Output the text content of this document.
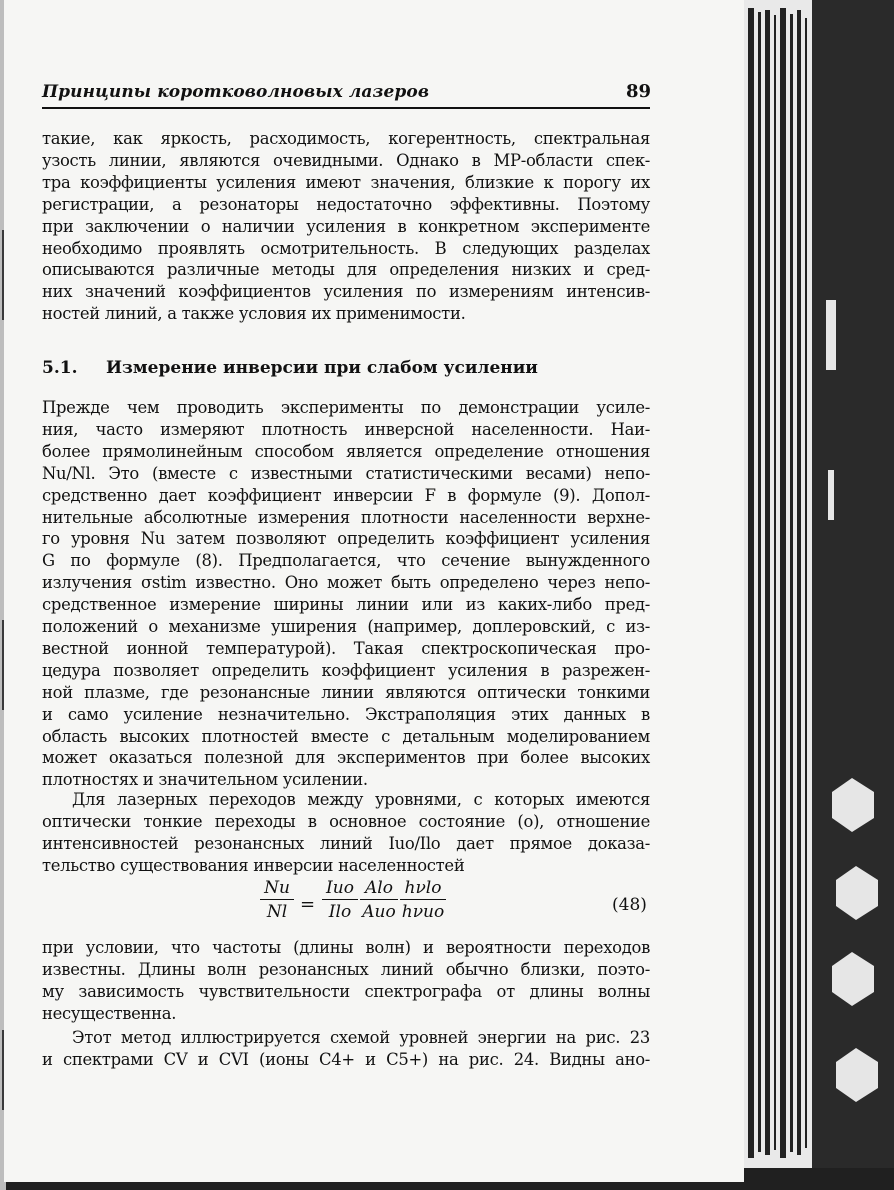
Принципы коротковолновых лазеров	89
такие, как яркость, расходимость, когерентность, спектральная
узость линии, являются очевидными. Однако в МР-области спек-
тра коэффициенты усиления имеют значения, близкие к порогу их
регистрации, а резонаторы недостаточно эффективны. Поэтому
при заключении о наличии усиления в конкретном эксперименте
необходимо проявлять осмотрительность. В следующих разделах
описываются различные методы для определения низких и сред-
них значений коэффициентов усиления по измерениям интенсив-
ностей линий, а также условия их применимости.
5.1. Измерение инверсии при слабом усилении
Прежде чем проводить эксперименты по демонстрации усиле-
ния, часто измеряют плотность инверсной населенности. Наи-
более прямолинейным способом является определение отношения
Nu/Nl. Это (вместе с известными статистическими весами) непо-
средственно дает коэффициент инверсии F в формуле (9). Допол-
нительные абсолютные измерения плотности населенности верхне-
го уровня Nu затем позволяют определить коэффициент усиления
G по формуле (8). Предполагается, что сечение вынужденного
излучения σstim известно. Оно может быть определено через непо-
средственное измерение ширины линии или из каких-либо пред-
положений о механизме уширения (например, доплеровский, с из-
вестной ионной температурой). Такая спектроскопическая про-
цедура позволяет определить коэффициент усиления в разрежен-
ной плазме, где резонансные линии являются оптически тонкими
и само усиление незначительно. Экстраполяция этих данных в
область высоких плотностей вместе с детальным моделированием
может оказаться полезной для экспериментов при более высоких
плотностях и значительном усилении.
Для лазерных переходов между уровнями, с которых имеются
оптически тонкие переходы в основное состояние (o), отношение
интенсивностей резонансных линий Iuo/Ilo дает прямое доказа-
тельство существования инверсии населенностей
$\frac{Nu}{Nl}$ =
Iuo
Ilo
Alo
Auo
hνlo
hνuo	(48)
при условии, что частоты (длины волн) и вероятности переходов
известны. Длины волн резонансных линий обычно близки, поэто-
му зависимость чувствительности спектрографа от длины волны
несущественна.
Этот метод иллюстрируется схемой уровней энергии на рис. 23
и спектрами CV и CVI (ионы C4+ и C5+) на рис. 24. Видны ано-
